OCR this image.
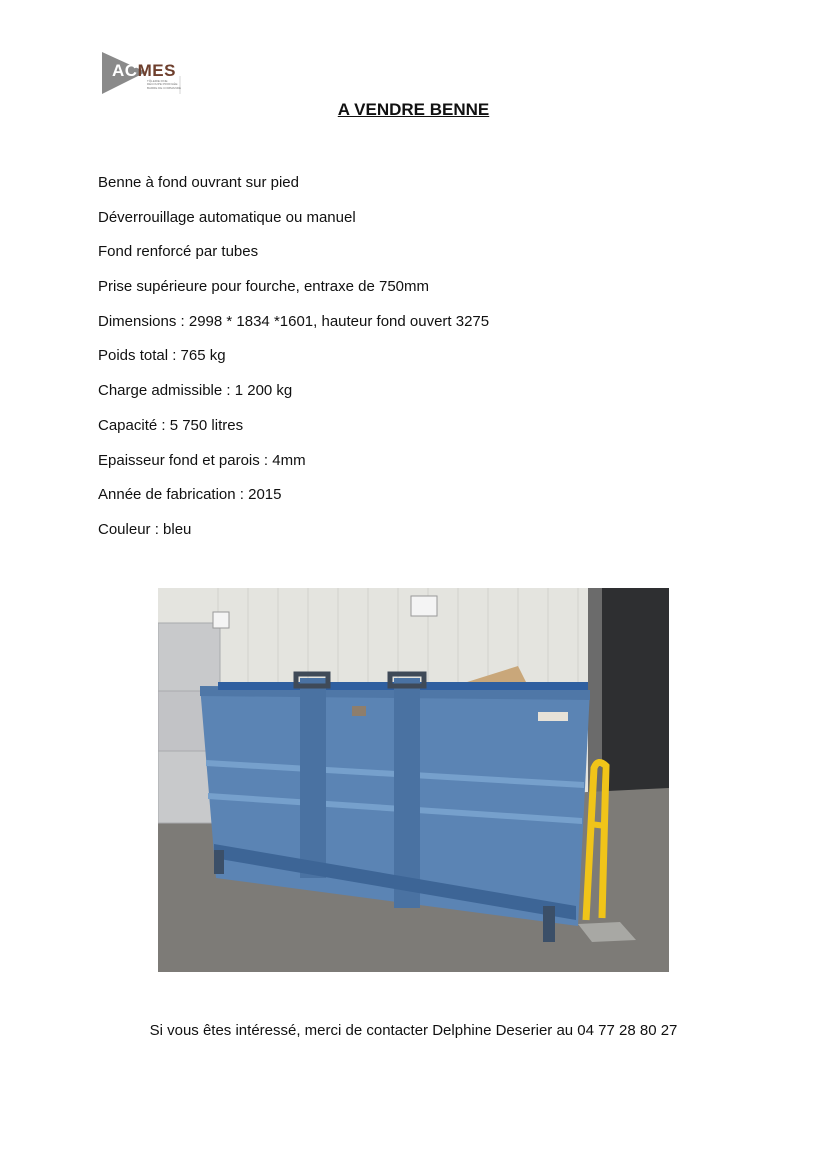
ACMES
TÔLERIE FINE
DÉCOUPE PROFILÉE
BARRE DE COMMANDE
A VENDRE BENNE
Benne à fond ouvrant sur pied
Déverrouillage automatique ou manuel
Fond renforcé par tubes
Prise supérieure pour fourche, entraxe de 750mm
Dimensions : 2998 * 1834 *1601, hauteur fond ouvert 3275
Poids total : 765 kg
Charge admissible : 1 200 kg
Capacité : 5 750 litres
Epaisseur fond et parois : 4mm
Année de fabrication : 2015
Couleur : bleu

Si vous êtes intéressé, merci de contacter Delphine Deserier au 04 77 28 80 27
